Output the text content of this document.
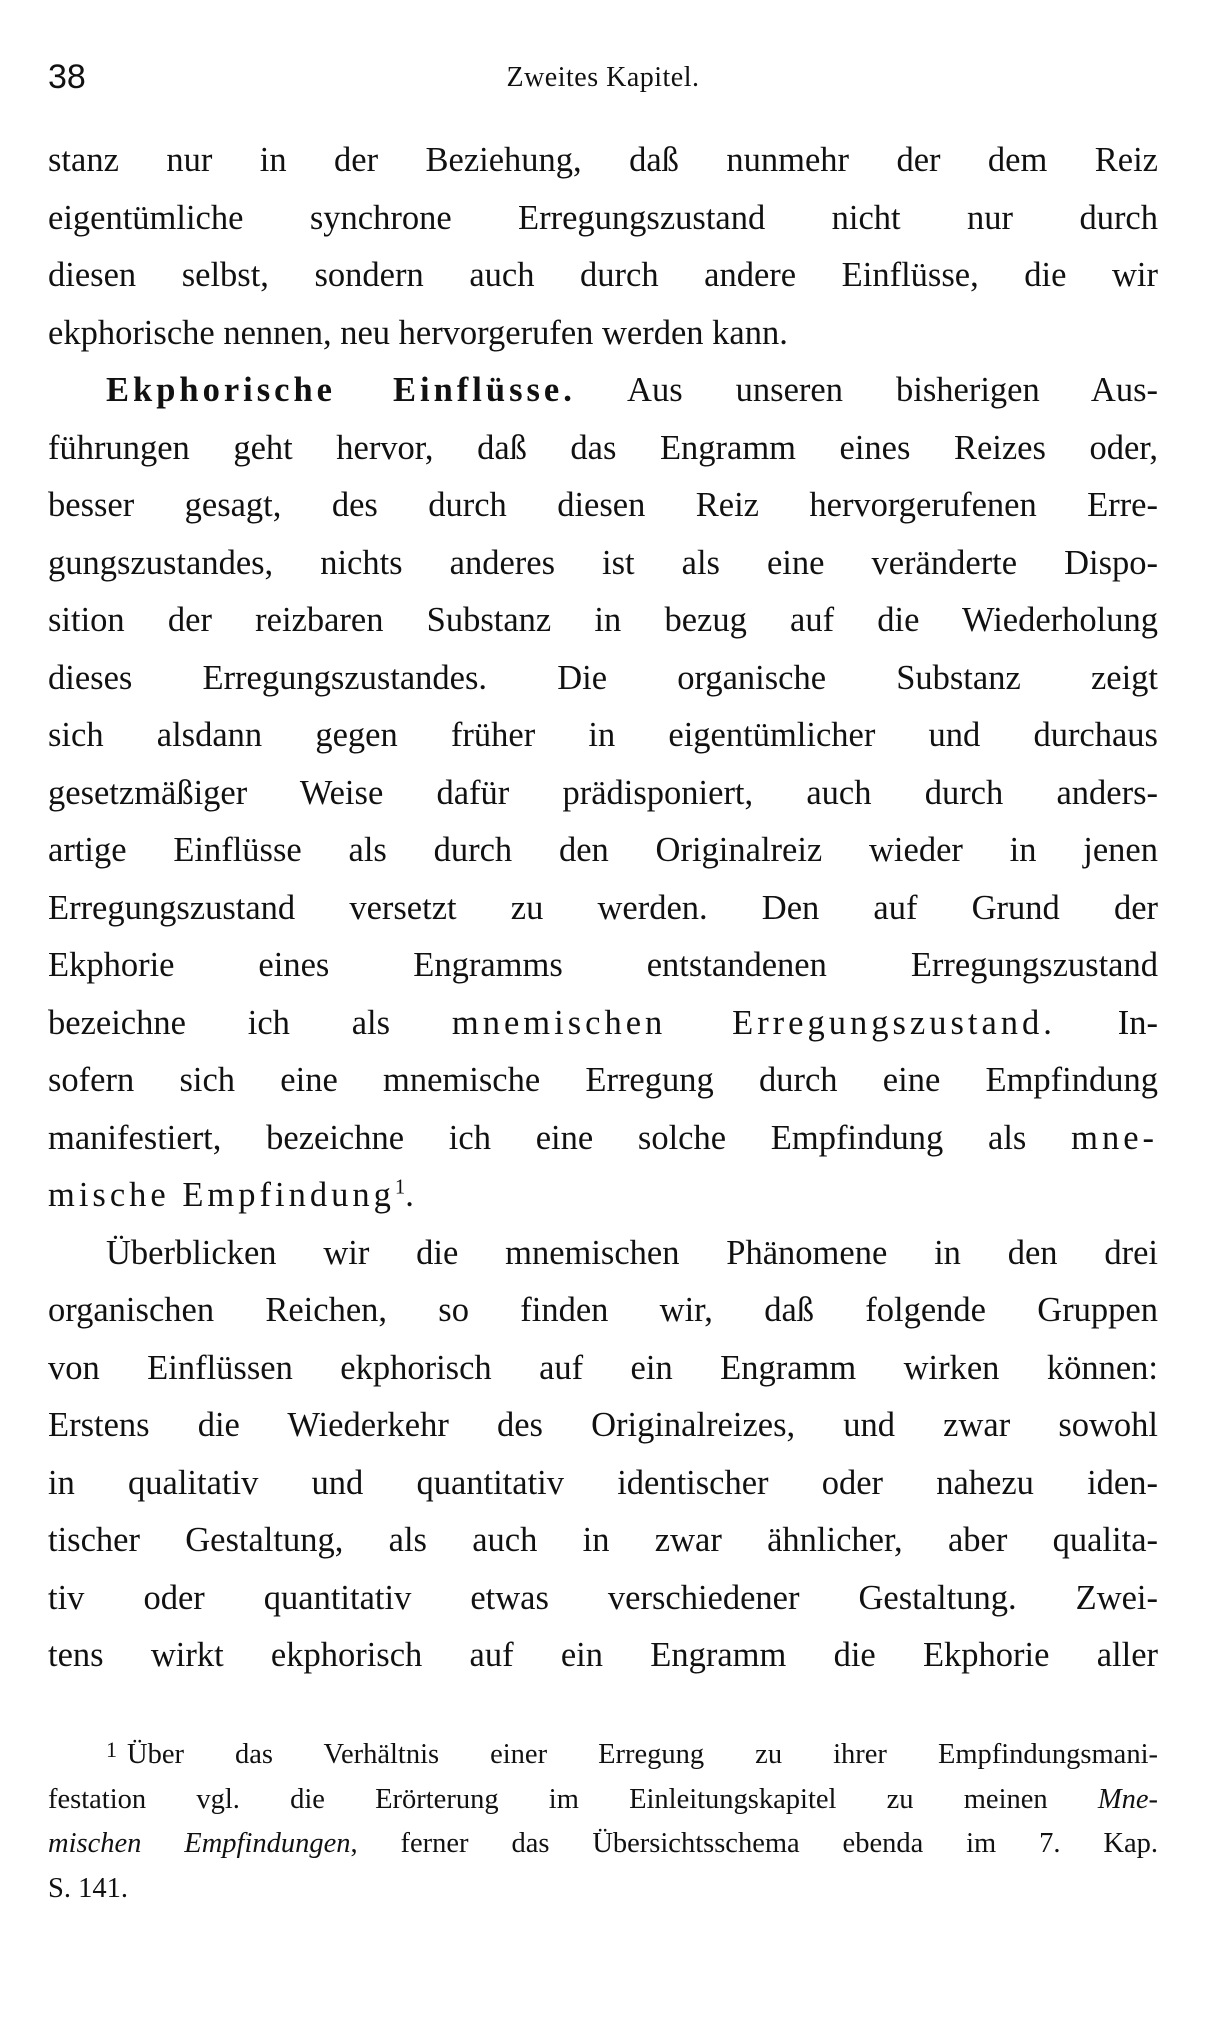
38	Zweites Kapitel.
stanz nur in der Beziehung, daß nunmehr der dem Reiz
eigentümliche synchrone Erregungszustand nicht nur durch
diesen selbst, sondern auch durch andere Einflüsse, die wir
ekphorische nennen, neu hervorgerufen werden kann.
Ekphorische Einflüsse. Aus unseren bisherigen Aus-
führungen geht hervor, daß das Engramm eines Reizes oder,
besser gesagt, des durch diesen Reiz hervorgerufenen Erre-
gungszustandes, nichts anderes ist als eine veränderte Dispo-
sition der reizbaren Substanz in bezug auf die Wiederholung
dieses Erregungszustandes. Die organische Substanz zeigt
sich alsdann gegen früher in eigentümlicher und durchaus
gesetzmäßiger Weise dafür prädisponiert, auch durch anders-
artige Einflüsse als durch den Originalreiz wieder in jenen
Erregungszustand versetzt zu werden. Den auf Grund der
Ekphorie eines Engramms entstandenen Erregungszustand
bezeichne ich als mnemischen Erregungszustand. In-
sofern sich eine mnemische Erregung durch eine Empfindung
manifestiert, bezeichne ich eine solche Empfindung als mne-
mische Empfindung$^1$.
Überblicken wir die mnemischen Phänomene in den drei
organischen Reichen, so finden wir, daß folgende Gruppen
von Einflüssen ekphorisch auf ein Engramm wirken können:
Erstens die Wiederkehr des Originalreizes, und zwar sowohl
in qualitativ und quantitativ identischer oder nahezu iden-
tischer Gestaltung, als auch in zwar ähnlicher, aber qualita-
tiv oder quantitativ etwas verschiedener Gestaltung. Zwei-
tens wirkt ekphorisch auf ein Engramm die Ekphorie aller
$^1$ Über das Verhältnis einer Erregung zu ihrer Empfindungsmani-
festation vgl. die Erörterung im Einleitungskapitel zu meinen Mne-
mischen Empfindungen, ferner das Übersichtsschema ebenda im 7. Kap.
S. 141.
